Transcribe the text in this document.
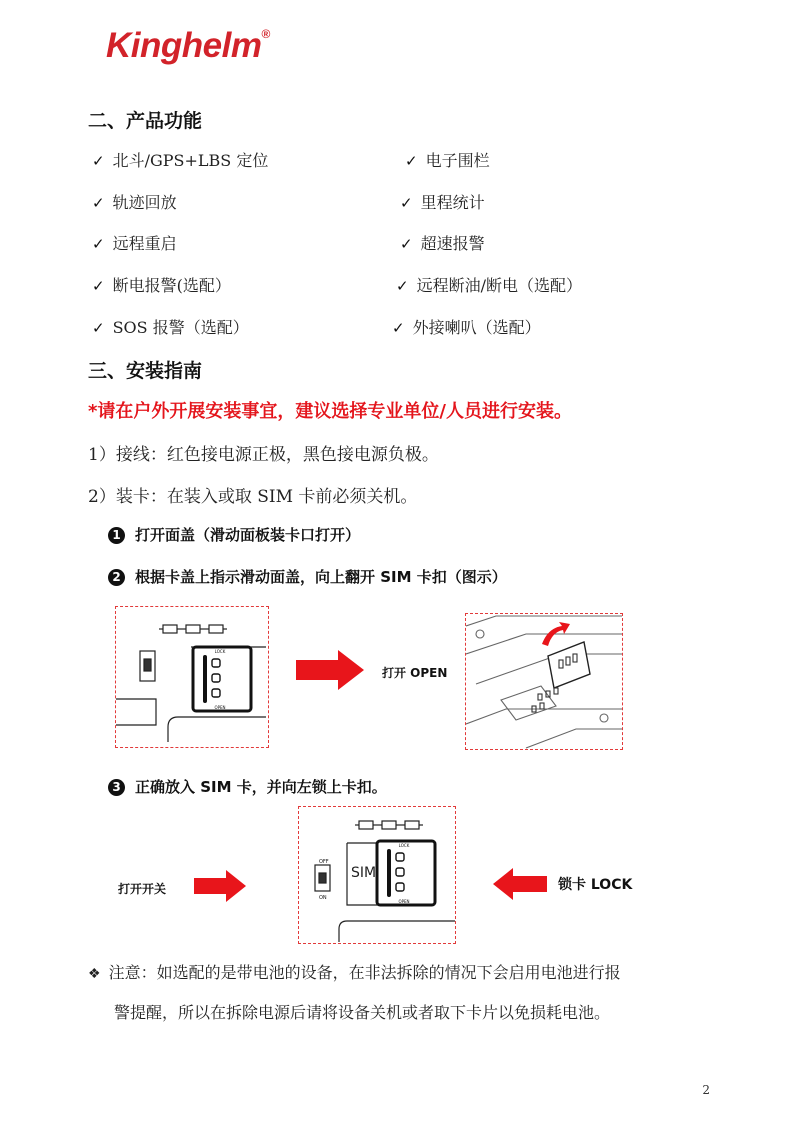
Kinghelm®
二、产品功能
✓ 北斗/GPS+LBS 定位	✓ 电子围栏
✓ 轨迹回放	✓ 里程统计
✓ 远程重启	✓ 超速报警
✓ 断电报警(选配）	✓ 远程断油/断电（选配）
✓ SOS 报警（选配）	✓ 外接喇叭（选配）
三、安装指南
*请在户外开展安装事宜，建议选择专业单位/人员进行安装。
1）接线：红色接电源正极，黑色接电源负极。
2）装卡：在装入或取 SIM 卡前必须关机。
1 打开面盖（滑动面板装卡口打开）
2 根据卡盖上指示滑动面盖，向上翻开 SIM 卡扣（图示）
LOCK
OPEN
打开 OPEN
3 正确放入 SIM 卡，并向左锁上卡扣。
打开开关
OFF
ON
SIM
LOCK
OPEN
锁卡 LOCK
❖ 注意：如选配的是带电池的设备，在非法拆除的情况下会启用电池进行报
警提醒，所以在拆除电源后请将设备关机或者取下卡片以免损耗电池。
2
